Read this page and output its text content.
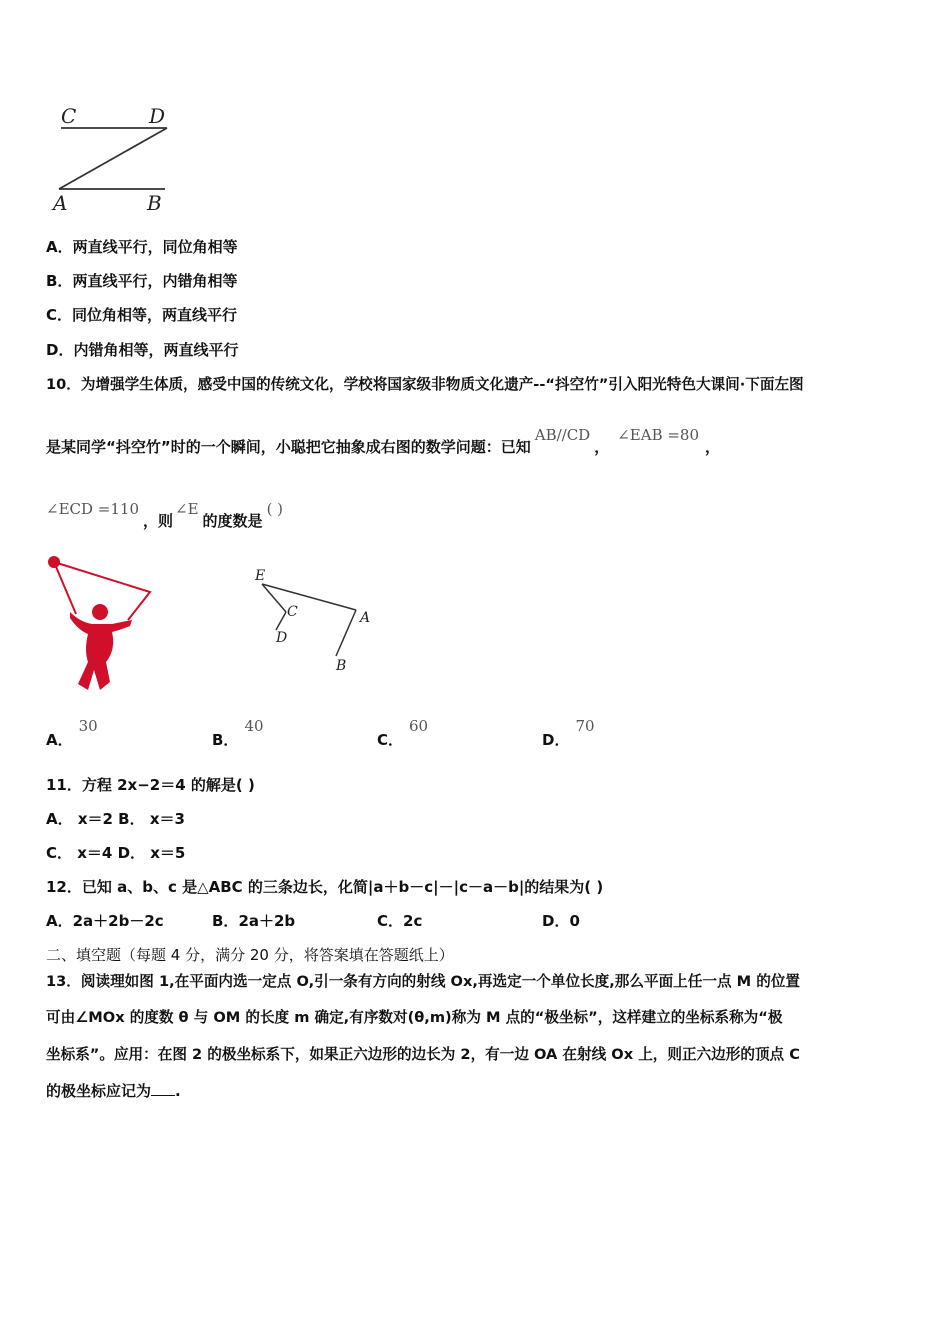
C	D
A	B
A．两直线平行，同位角相等
B．两直线平行，内错角相等
C．同位角相等，两直线平行
D．内错角相等，两直线平行
10．为增强学生体质，感受中国的传统文化，学校将国家级非物质文化遗产--“抖空竹”引入阳光特色大课间·下面左图
是某同学“抖空竹”时的一个瞬间，小聪把它抽象成右图的数学问题：已知AB//CD，∠EAB =80，
∠ECD =110，则∠E的度数是( )
E
C
D
A
B
A．30
B．40
C．60
D．70
11．方程 2x−2＝4 的解是( )
A． x＝2 B． x＝3
C． x＝4 D． x＝5
12．已知 a、b、c 是△ABC 的三条边长，化简|a＋b－c|－|c－a－b|的结果为( )
A．2a＋2b－2c	B．2a＋2b	C．2c	D．0
二、填空题（每题 4 分，满分 20 分，将答案填在答题纸上）
13．阅读理如图 1,在平面内选一定点 O,引一条有方向的射线 Ox,再选定一个单位长度,那么平面上任一点 M 的位置
可由∠MOx 的度数 θ 与 OM 的长度 m 确定,有序数对(θ,m)称为 M 点的“极坐标”，这样建立的坐标系称为“极
坐标系”。应用：在图 2 的极坐标系下，如果正六边形的边长为 2，有一边 OA 在射线 Ox 上，则正六边形的顶点 C
的极坐标应记为 .
